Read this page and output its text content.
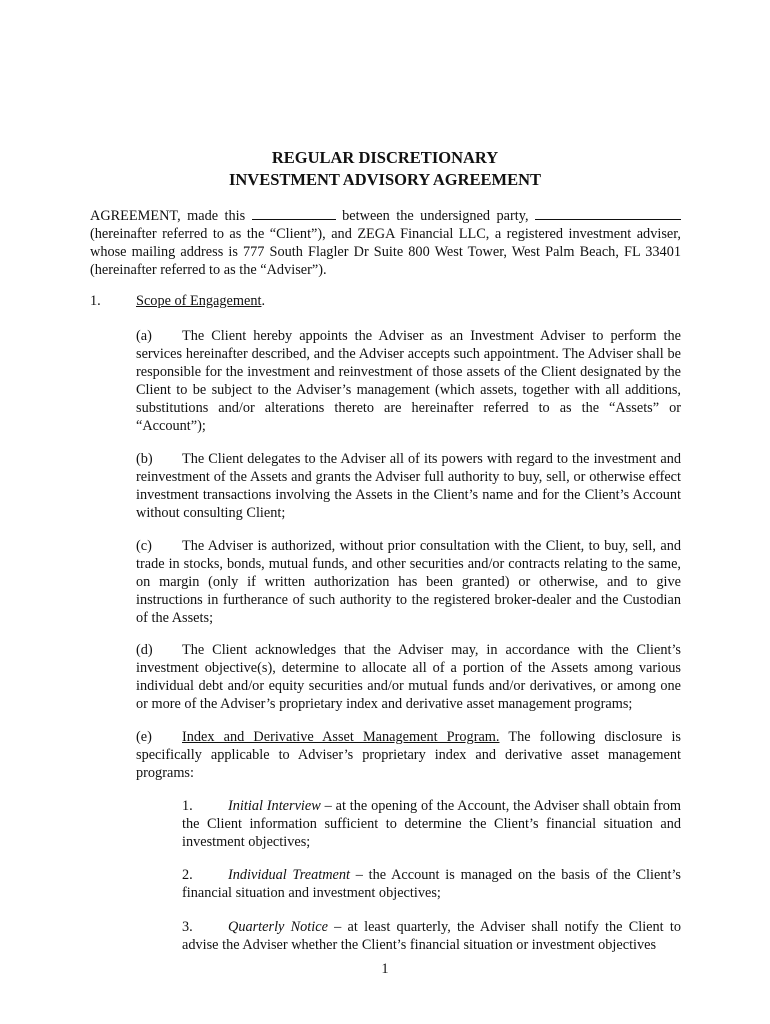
REGULAR DISCRETIONARY
INVESTMENT ADVISORY AGREEMENT

AGREEMENT, made this	between the undersigned party,  (hereinafter referred to as the “Client”), and ZEGA Financial LLC, a registered investment adviser, whose mailing address is 777 South Flagler Dr Suite 800 West Tower, West Palm Beach, FL 33401 (hereinafter referred to as the “Adviser”).

1. Scope of Engagement.

(a) The Client hereby appoints the Adviser as an Investment Adviser to perform the services hereinafter described, and the Adviser accepts such appointment. The Adviser shall be responsible for the investment and reinvestment of those assets of the Client designated by the Client to be subject to the Adviser’s management (which assets, together with all additions, substitutions and/or alterations thereto are hereinafter referred to as the “Assets” or “Account”);

(b) The Client delegates to the Adviser all of its powers with regard to the investment and reinvestment of the Assets and grants the Adviser full authority to buy, sell, or otherwise effect investment transactions involving the Assets in the Client’s name and for the Client’s Account without consulting Client;

(c) The Adviser is authorized, without prior consultation with the Client, to buy, sell, and trade in stocks, bonds, mutual funds, and other securities and/or contracts relating to the same, on margin (only if written authorization has been granted) or otherwise, and to give instructions in furtherance of such authority to the registered broker-dealer and the Custodian of the Assets;

(d) The Client acknowledges that the Adviser may, in accordance with the Client’s investment objective(s), determine to allocate all of a portion of the Assets among various individual debt and/or equity securities and/or mutual funds and/or derivatives, or among one or more of the Adviser’s proprietary index and derivative asset management programs;

(e) Index and Derivative Asset Management Program. The following disclosure is specifically applicable to Adviser’s proprietary index and derivative asset management programs:

1. Initial Interview – at the opening of the Account, the Adviser shall obtain from the Client information sufficient to determine the Client’s financial situation and investment objectives;

2. Individual Treatment – the Account is managed on the basis of the Client’s financial situation and investment objectives;

3. Quarterly Notice – at least quarterly, the Adviser shall notify the Client to advise the Adviser whether the Client’s financial situation or investment objectives

1
